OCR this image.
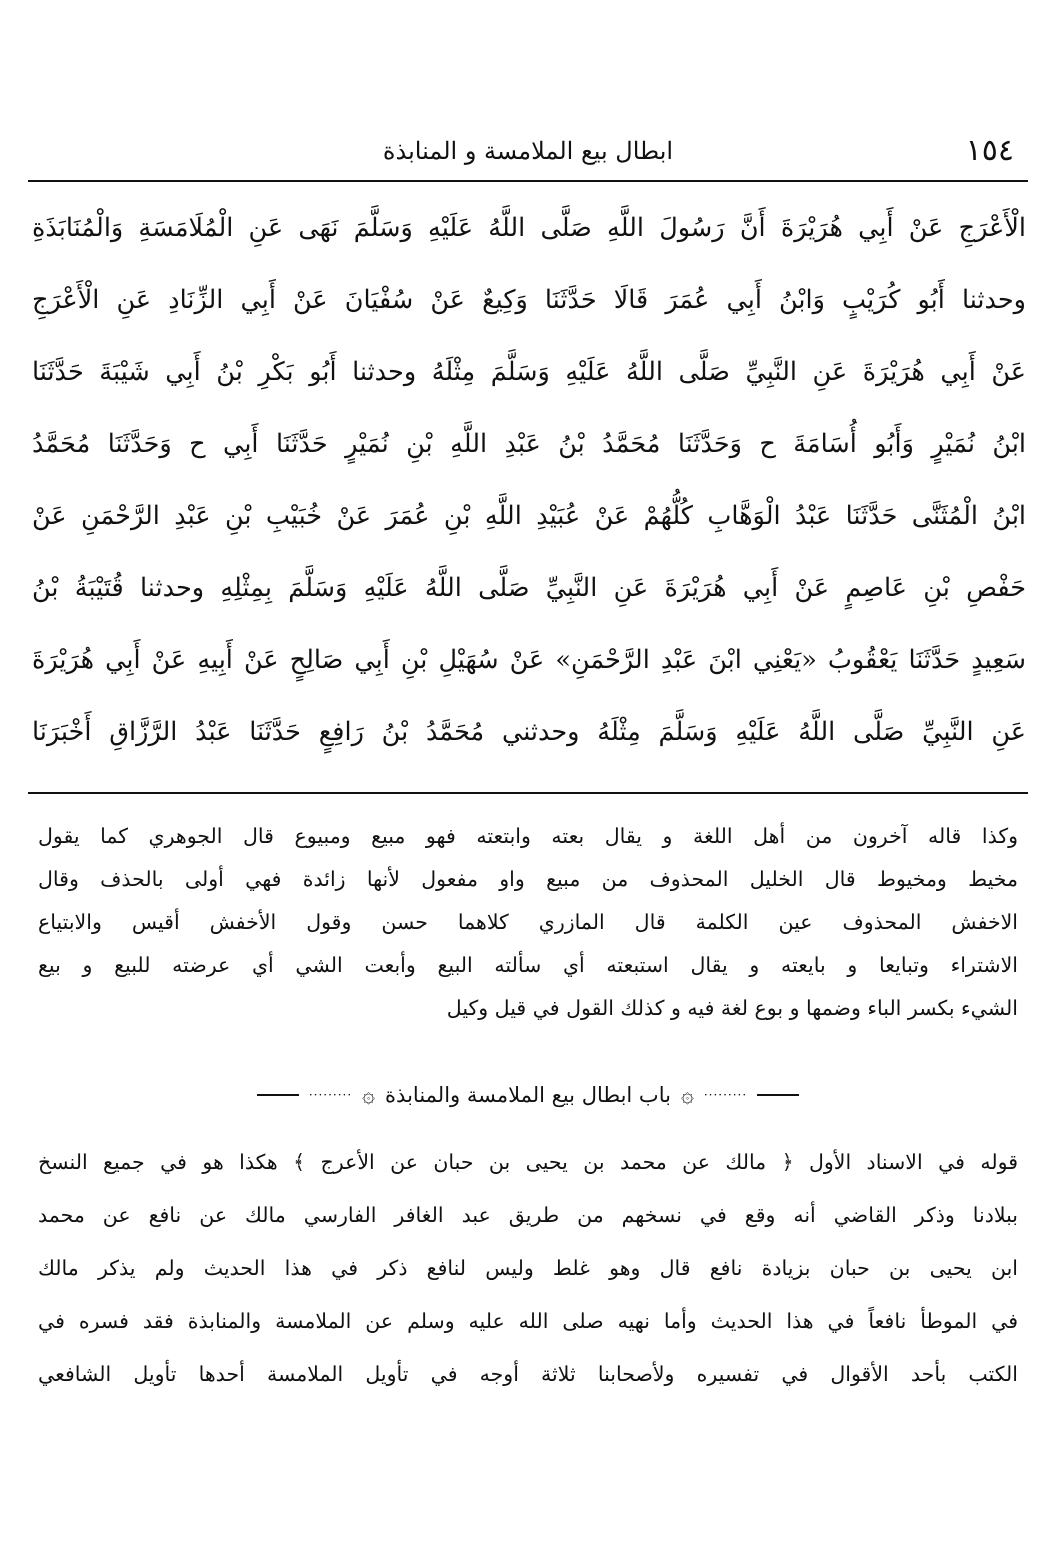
١٥٤
ابطال بيع الملامسة و المنابذة
الْأَعْرَجِ عَنْ أَبِي هُرَيْرَةَ أَنَّ رَسُولَ اللَّهِ صَلَّى اللَّهُ عَلَيْهِ وَسَلَّمَ نَهَى عَنِ الْمُلَامَسَةِ وَالْمُنَابَذَةِ
وحدثنا أَبُو كُرَيْبٍ وَابْنُ أَبِي عُمَرَ قَالَا حَدَّثَنَا وَكِيعٌ عَنْ سُفْيَانَ عَنْ أَبِي الزِّنَادِ عَنِ الْأَعْرَجِ
عَنْ أَبِي هُرَيْرَةَ عَنِ النَّبِيِّ صَلَّى اللَّهُ عَلَيْهِ وَسَلَّمَ مِثْلَهُ وحدثنا أَبُو بَكْرِ بْنُ أَبِي شَيْبَةَ حَدَّثَنَا
ابْنُ نُمَيْرٍ وَأَبُو أُسَامَةَ ح وَحَدَّثَنَا مُحَمَّدُ بْنُ عَبْدِ اللَّهِ بْنِ نُمَيْرٍ حَدَّثَنَا أَبِي ح وَحَدَّثَنَا مُحَمَّدُ
ابْنُ الْمُثَنَّى حَدَّثَنَا عَبْدُ الْوَهَّابِ كُلُّهُمْ عَنْ عُبَيْدِ اللَّهِ بْنِ عُمَرَ عَنْ خُبَيْبِ بْنِ عَبْدِ الرَّحْمَنِ عَنْ
حَفْصِ بْنِ عَاصِمٍ عَنْ أَبِي هُرَيْرَةَ عَنِ النَّبِيِّ صَلَّى اللَّهُ عَلَيْهِ وَسَلَّمَ بِمِثْلِهِ وحدثنا قُتَيْبَةُ بْنُ
سَعِيدٍ حَدَّثَنَا يَعْقُوبُ «يَعْنِي ابْنَ عَبْدِ الرَّحْمَنِ» عَنْ سُهَيْلِ بْنِ أَبِي صَالِحٍ عَنْ أَبِيهِ عَنْ أَبِي هُرَيْرَةَ
عَنِ النَّبِيِّ صَلَّى اللَّهُ عَلَيْهِ وَسَلَّمَ مِثْلَهُ وحدثني مُحَمَّدُ بْنُ رَافِعٍ حَدَّثَنَا عَبْدُ الرَّزَّاقِ أَخْبَرَنَا
وكذا قاله آخرون من أهل اللغة و يقال بعته وابتعته فهو مبيع ومبيوع قال الجوهري كما يقول
مخيط ومخيوط قال الخليل المحذوف من مبيع واو مفعول لأنها زائدة فهي أولى بالحذف وقال
الاخفش المحذوف عين الكلمة قال المازري كلاهما حسن وقول الأخفش أقيس والابتياع
الاشتراء وتبايعا و بايعته و يقال استبعته أي سألته البيع وأبعت الشي أي عرضته للبيع و بيع
الشيء بكسر الباء وضمها و بوع لغة فيه و كذلك القول في قيل وكيل
·········
۞
باب ابطال بيع الملامسة والمنابذة
۞
·········
قوله في الاسناد الأول ﴿ مالك عن محمد بن يحيى بن حبان عن الأعرج ﴾ هكذا هو في جميع النسخ
ببلادنا وذكر القاضي أنه وقع في نسخهم من طريق عبد الغافر الفارسي مالك عن نافع عن محمد
ابن يحيى بن حبان بزيادة نافع قال وهو غلط وليس لنافع ذكر في هذا الحديث ولم يذكر مالك
في الموطأ نافعاً في هذا الحديث وأما نهيه صلى الله عليه وسلم عن الملامسة والمنابذة فقد فسره في
الكتب بأحد الأقوال في تفسيره ولأصحابنا ثلاثة أوجه في تأويل الملامسة أحدها تأويل الشافعي
